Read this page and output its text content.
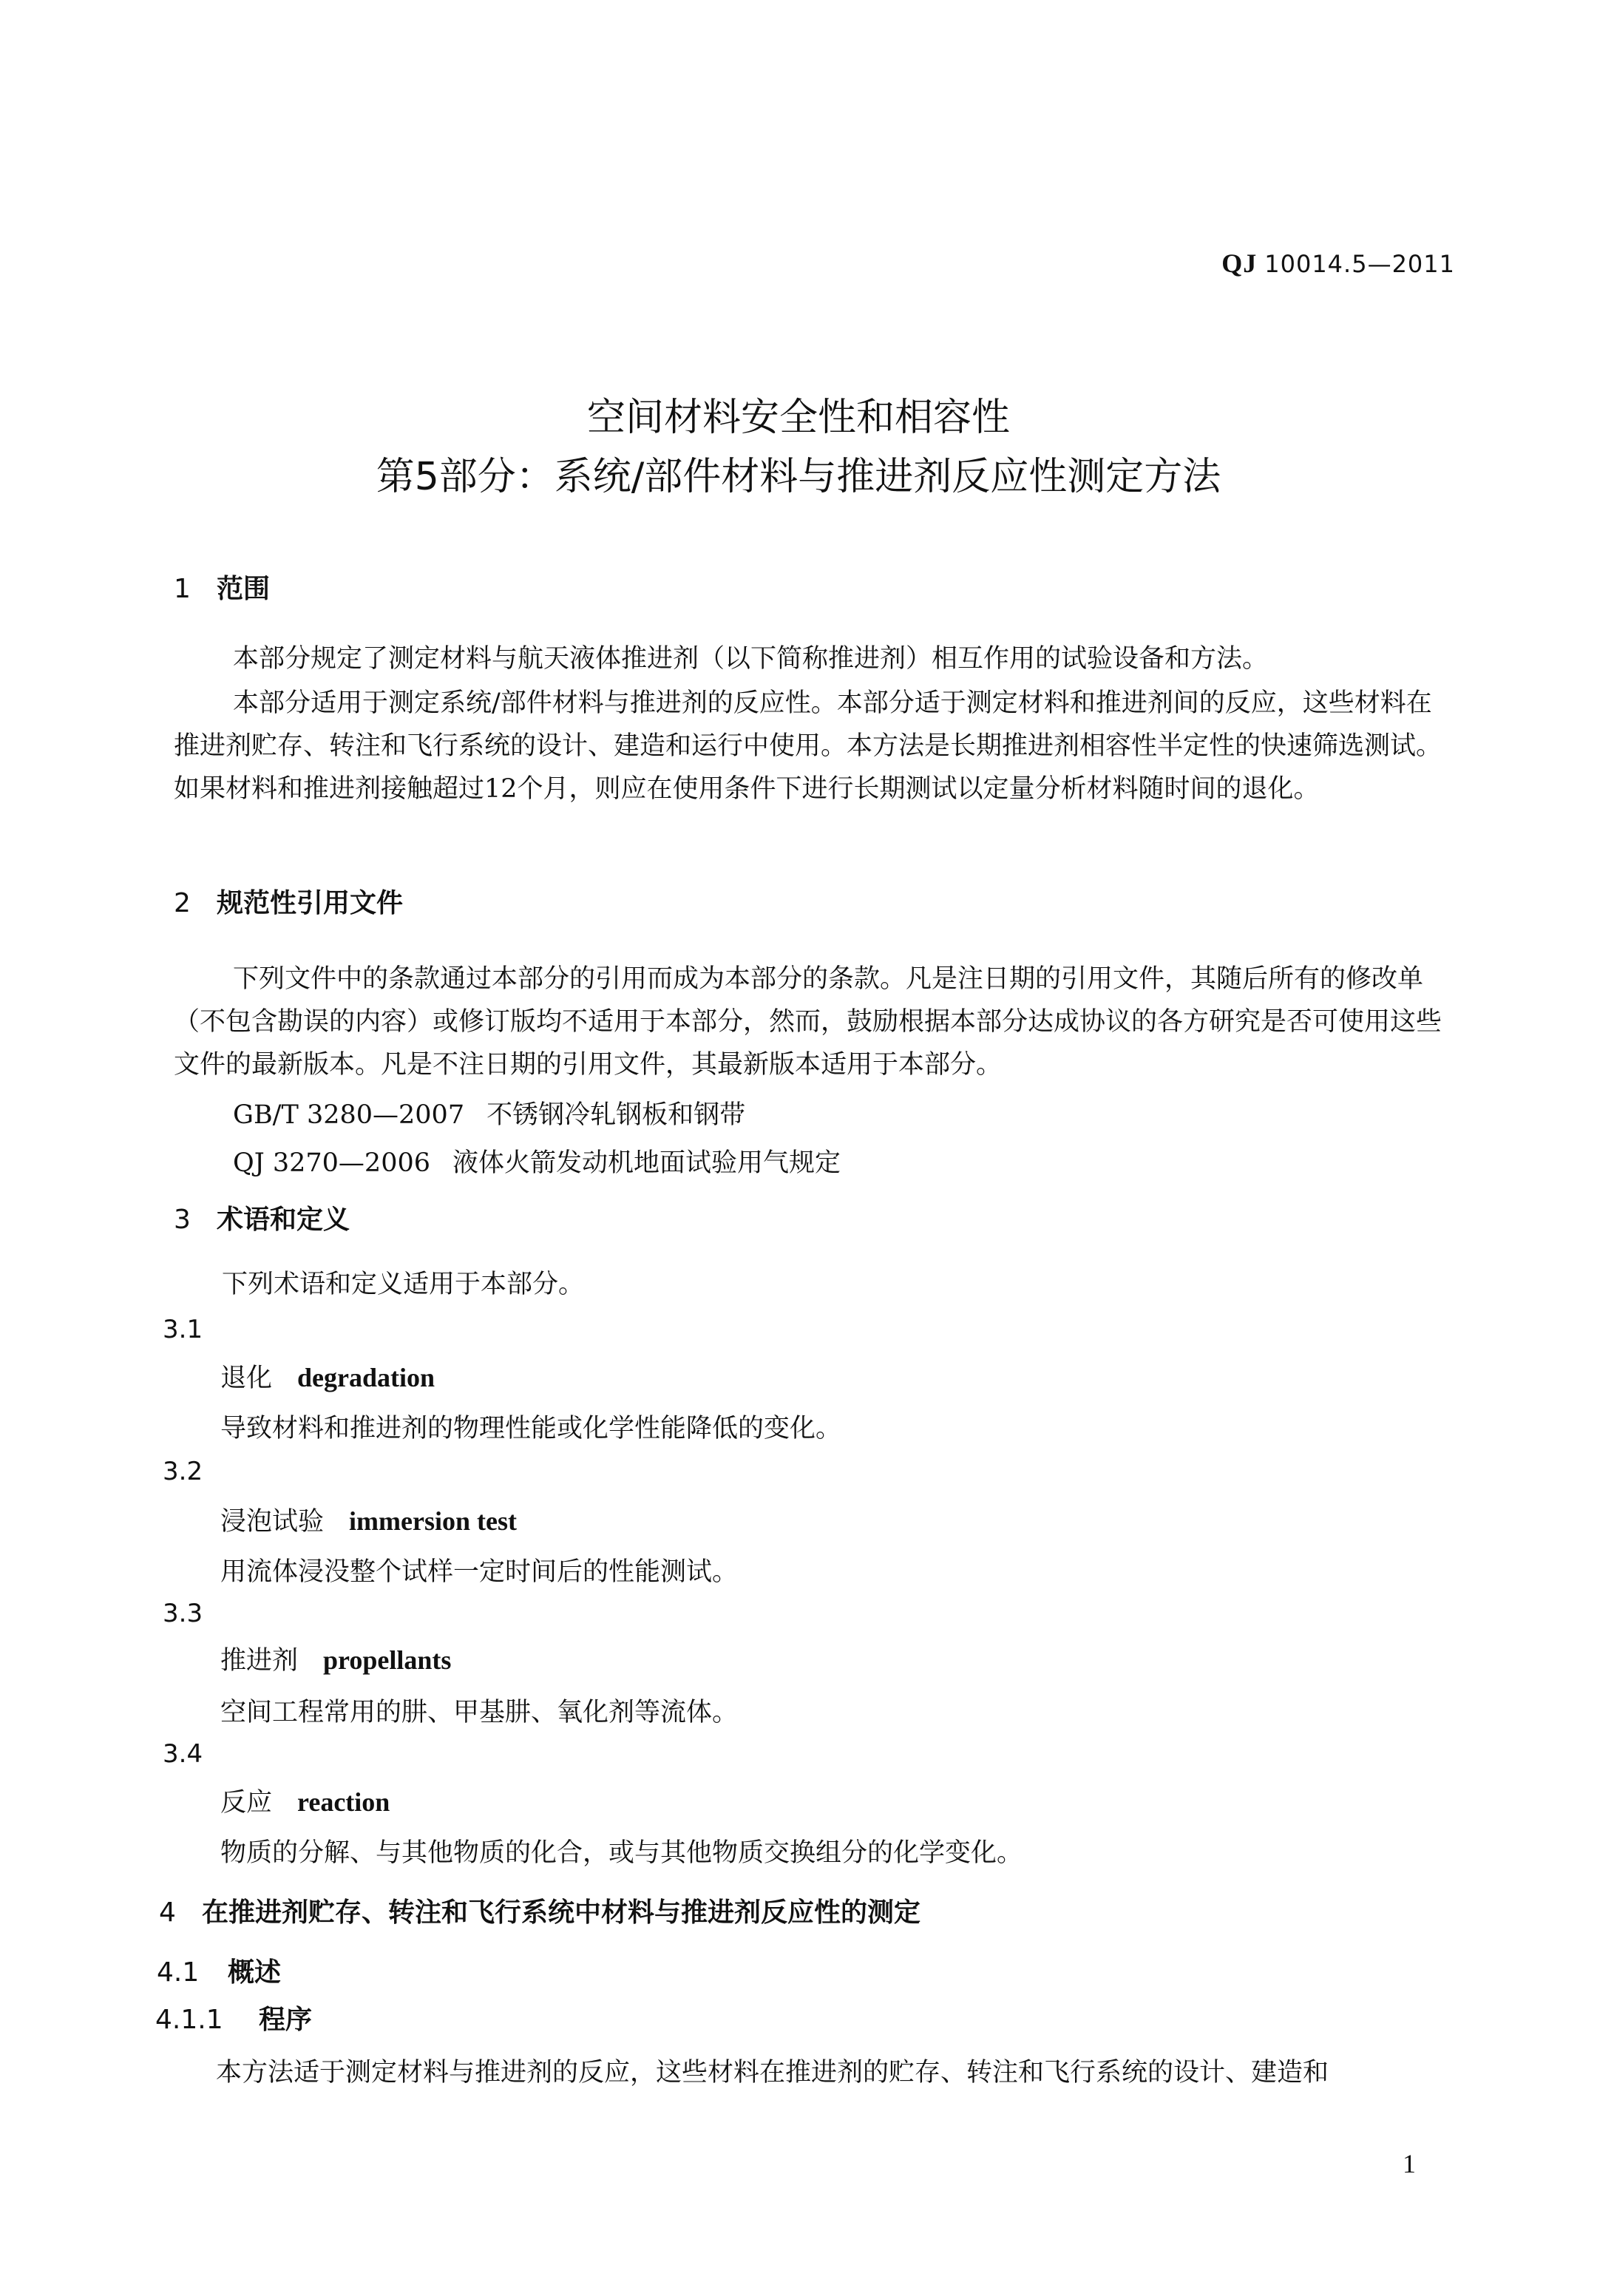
QJ 10014.5—2011
空间材料安全性和相容性
第5部分：系统/部件材料与推进剂反应性测定方法
1 范围
本部分规定了测定材料与航天液体推进剂（以下简称推进剂）相互作用的试验设备和方法。
本部分适用于测定系统/部件材料与推进剂的反应性。本部分适于测定材料和推进剂间的反应，这些材料在推进剂贮存、转注和飞行系统的设计、建造和运行中使用。本方法是长期推进剂相容性半定性的快速筛选测试。如果材料和推进剂接触超过12个月，则应在使用条件下进行长期测试以定量分析材料随时间的退化。
2 规范性引用文件
下列文件中的条款通过本部分的引用而成为本部分的条款。凡是注日期的引用文件，其随后所有的修改单（不包含勘误的内容）或修订版均不适用于本部分，然而，鼓励根据本部分达成协议的各方研究是否可使用这些文件的最新版本。凡是不注日期的引用文件，其最新版本适用于本部分。
GB/T 3280—2007 不锈钢冷轧钢板和钢带
QJ 3270—2006 液体火箭发动机地面试验用气规定
3 术语和定义
下列术语和定义适用于本部分。
3.1
退化 degradation
导致材料和推进剂的物理性能或化学性能降低的变化。
3.2
浸泡试验 immersion test
用流体浸没整个试样一定时间后的性能测试。
3.3
推进剂 propellants
空间工程常用的肼、甲基肼、氧化剂等流体。
3.4
反应 reaction
物质的分解、与其他物质的化合，或与其他物质交换组分的化学变化。
4 在推进剂贮存、转注和飞行系统中材料与推进剂反应性的测定
4.1 概述
4.1.1 程序
本方法适于测定材料与推进剂的反应，这些材料在推进剂的贮存、转注和飞行系统的设计、建造和
1
